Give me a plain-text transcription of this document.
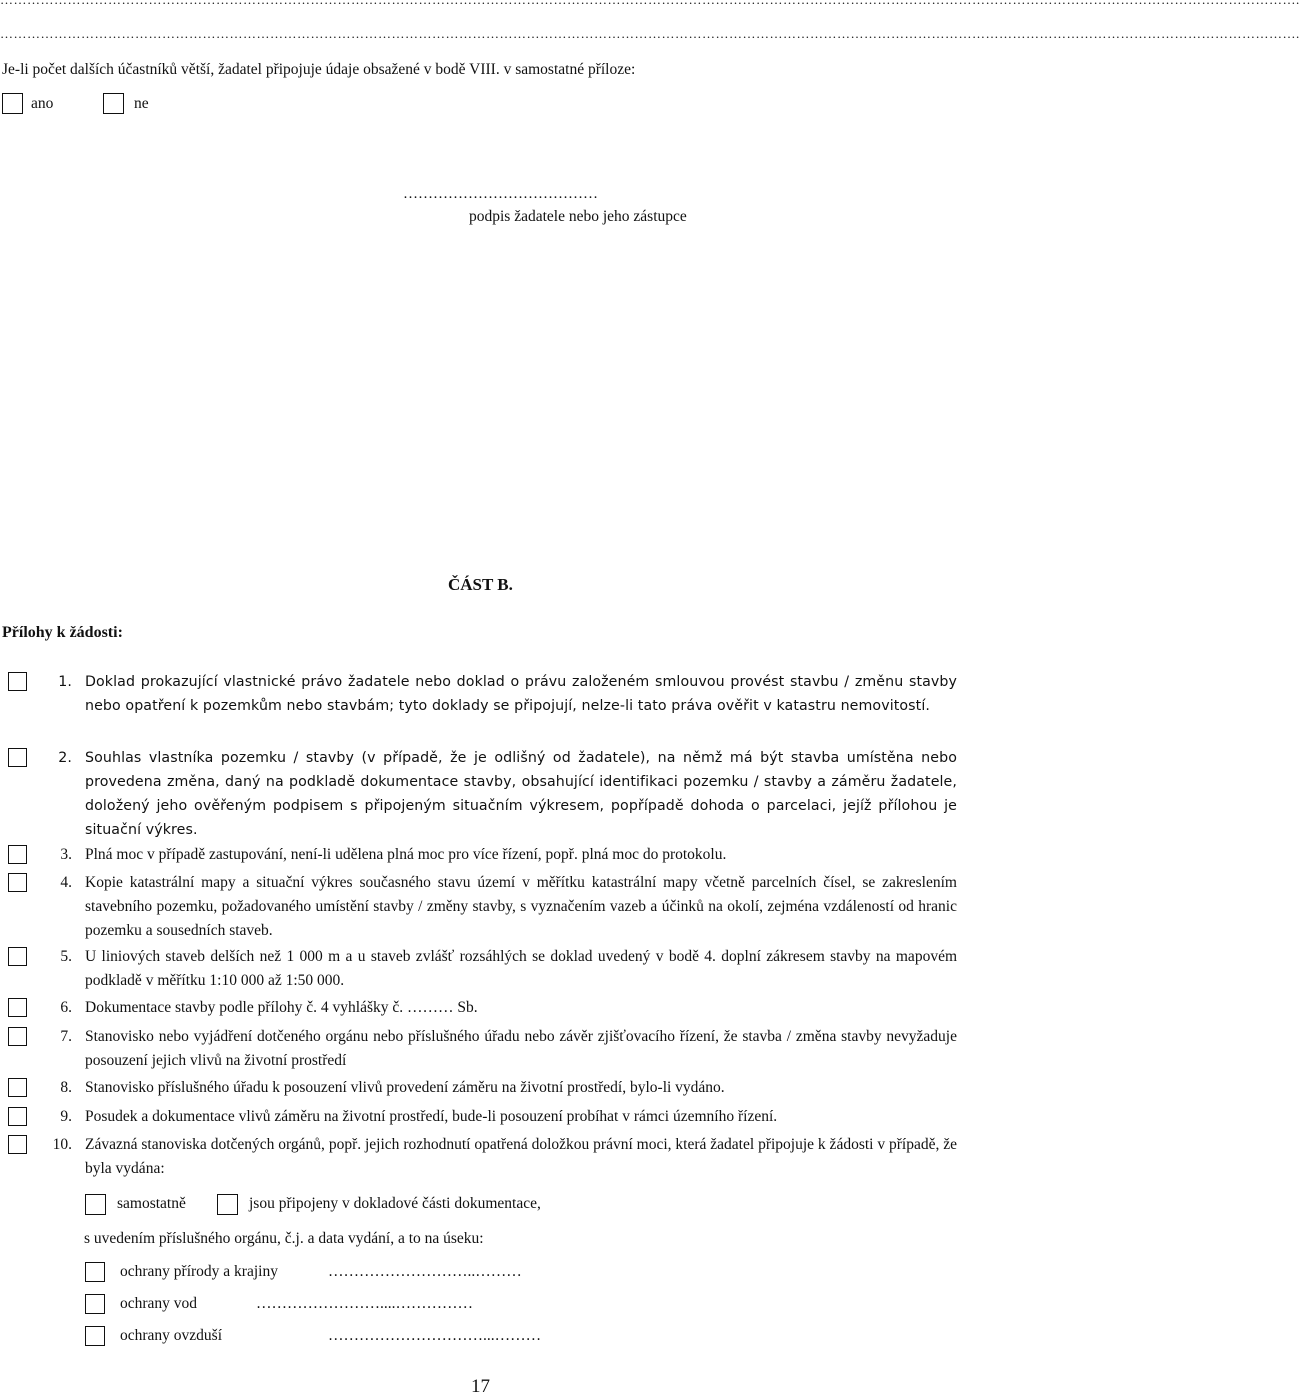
……………………………………………………………………………………………………………………………………………………………………………………………………………………………………………………………….
Je-li počet dalších účastníků větší, žadatel připojuje údaje obsažené v bodě VIII. v samostatné příloze:
ano	ne
…………………………………
podpis žadatele nebo jeho zástupce
ČÁST B.
Přílohy k žádosti:
1. Doklad prokazující vlastnické právo žadatele nebo doklad o právu založeném smlouvou provést stavbu / změnu stavby nebo opatření k pozemkům nebo stavbám; tyto doklady se připojují, nelze-li tato práva ověřit v katastru nemovitostí.
2. Souhlas vlastníka pozemku / stavby (v případě, že je odlišný od žadatele), na němž má být stavba umístěna nebo provedena změna, daný na podkladě dokumentace stavby, obsahující identifikaci pozemku / stavby a záměru žadatele, doložený jeho ověřeným podpisem s připojeným situačním výkresem, popřípadě dohoda o parcelaci, jejíž přílohou je situační výkres.
3. Plná moc v případě zastupování, není-li udělena plná moc pro více řízení, popř. plná moc do protokolu.
4. Kopie katastrální mapy a situační výkres současného stavu území v měřítku katastrální mapy včetně parcelních čísel, se zakreslením stavebního pozemku, požadovaného umístění stavby / změny stavby, s vyznačením vazeb a účinků na okolí, zejména vzdáleností od hranic pozemku a sousedních staveb.
5. U liniových staveb delších než 1 000 m a u staveb zvlášť rozsáhlých se doklad uvedený v bodě 4. doplní zákresem stavby na mapovém podkladě v měřítku 1:10 000 až 1:50 000.
6. Dokumentace stavby podle přílohy č. 4 vyhlášky č. ……… Sb.
7. Stanovisko nebo vyjádření dotčeného orgánu nebo příslušného úřadu nebo závěr zjišťovacího řízení, že stavba / změna stavby nevyžaduje posouzení jejich vlivů na životní prostředí
8. Stanovisko příslušného úřadu k posouzení vlivů provedení záměru na životní prostředí, bylo-li vydáno.
9. Posudek a dokumentace vlivů záměru na životní prostředí, bude-li posouzení probíhat v rámci územního řízení.
10. Závazná stanoviska dotčených orgánů, popř. jejich rozhodnutí opatřená doložkou právní moci, která žadatel připojuje k žádosti v případě, že byla vydána:
samostatně	jsou připojeny v dokladové části dokumentace,
s uvedením příslušného orgánu, č.j. a data vydání, a to na úseku:
ochrany přírody a krajiny	………………………..………
ochrany vod	……………………....……………
ochrany ovzduší	…………………………...………
17
